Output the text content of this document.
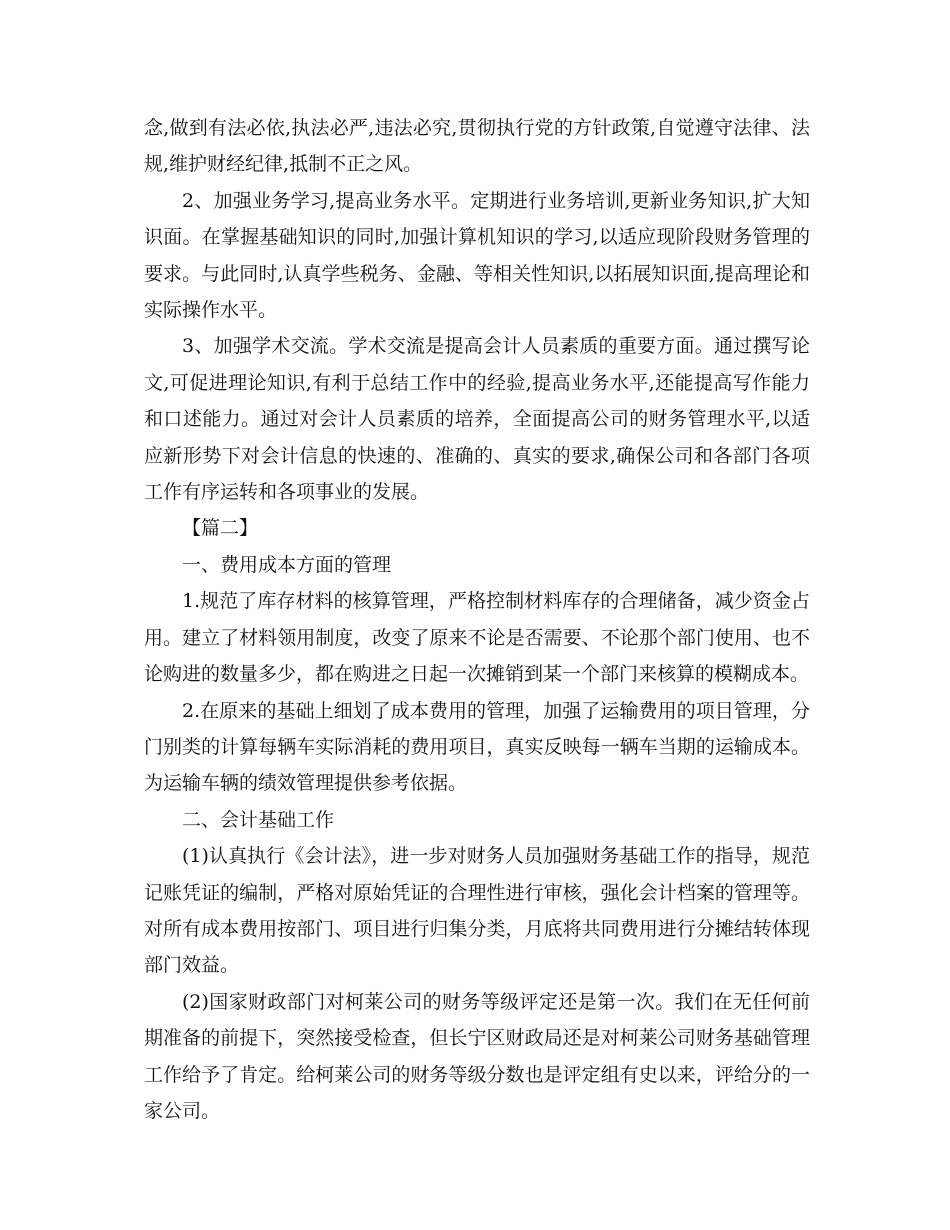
念,做到有法必依,执法必严,违法必究,贯彻执行党的方针政策,自觉遵守法律、法规,维护财经纪律,抵制不正之风。

2、加强业务学习,提高业务水平。定期进行业务培训,更新业务知识,扩大知识面。在掌握基础知识的同时,加强计算机知识的学习,以适应现阶段财务管理的要求。与此同时,认真学些税务、金融、等相关性知识,以拓展知识面,提高理论和实际操作水平。

3、加强学术交流。学术交流是提高会计人员素质的重要方面。通过撰写论文,可促进理论知识,有利于总结工作中的经验,提高业务水平,还能提高写作能力和口述能力。通过对会计人员素质的培养，全面提高公司的财务管理水平,以适应新形势下对会计信息的快速的、准确的、真实的要求,确保公司和各部门各项工作有序运转和各项事业的发展。

【篇二】

一、费用成本方面的管理

1.规范了库存材料的核算管理，严格控制材料库存的合理储备，减少资金占用。建立了材料领用制度，改变了原来不论是否需要、不论那个部门使用、也不论购进的数量多少，都在购进之日起一次摊销到某一个部门来核算的模糊成本。

2.在原来的基础上细划了成本费用的管理，加强了运输费用的项目管理，分门别类的计算每辆车实际消耗的费用项目，真实反映每一辆车当期的运输成本。为运输车辆的绩效管理提供参考依据。

二、会计基础工作

(1)认真执行《会计法》，进一步对财务人员加强财务基础工作的指导，规范记账凭证的编制，严格对原始凭证的合理性进行审核，强化会计档案的管理等。对所有成本费用按部门、项目进行归集分类，月底将共同费用进行分摊结转体现部门效益。

(2)国家财政部门对柯莱公司的财务等级评定还是第一次。我们在无任何前期准备的前提下，突然接受检查，但长宁区财政局还是对柯莱公司财务基础管理工作给予了肯定。给柯莱公司的财务等级分数也是评定组有史以来，评给分的一家公司。
